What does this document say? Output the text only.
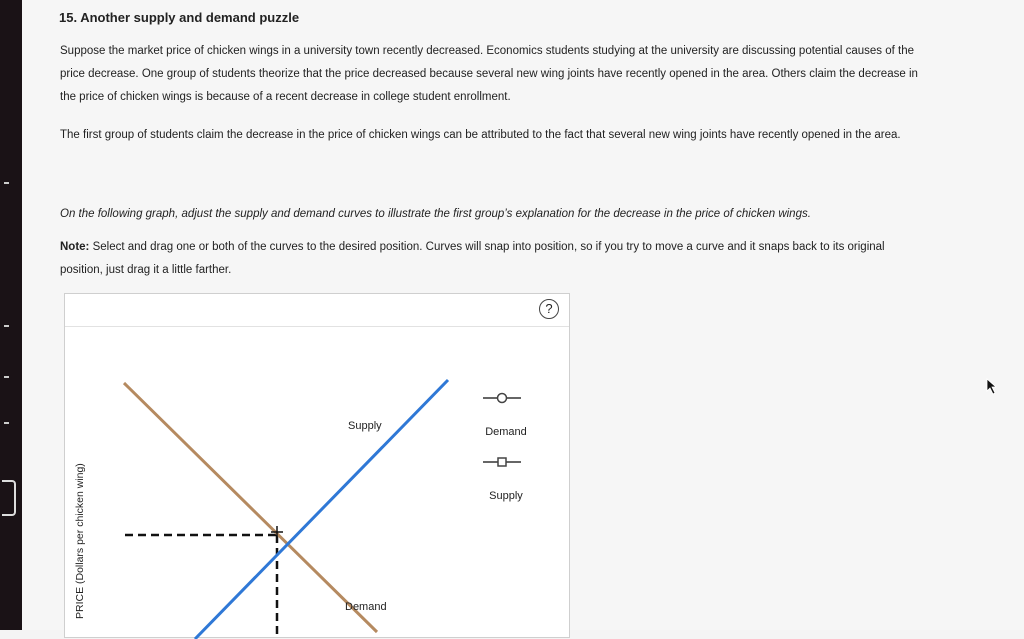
15. Another supply and demand puzzle
Suppose the market price of chicken wings in a university town recently decreased. Economics students studying at the university are discussing potential causes of the price decrease. One group of students theorize that the price decreased because several new wing joints have recently opened in the area. Others claim the decrease in the price of chicken wings is because of a recent decrease in college student enrollment.
The first group of students claim the decrease in the price of chicken wings can be attributed to the fact that several new wing joints have recently opened in the area.
On the following graph, adjust the supply and demand curves to illustrate the first group’s explanation for the decrease in the price of chicken wings.
Note: Select and drag one or both of the curves to the desired position. Curves will snap into position, so if you try to move a curve and it snaps back to its original position, just drag it a little farther.
?
Supply
Demand
PRICE (Dollars per chicken wing)
Demand
Supply
